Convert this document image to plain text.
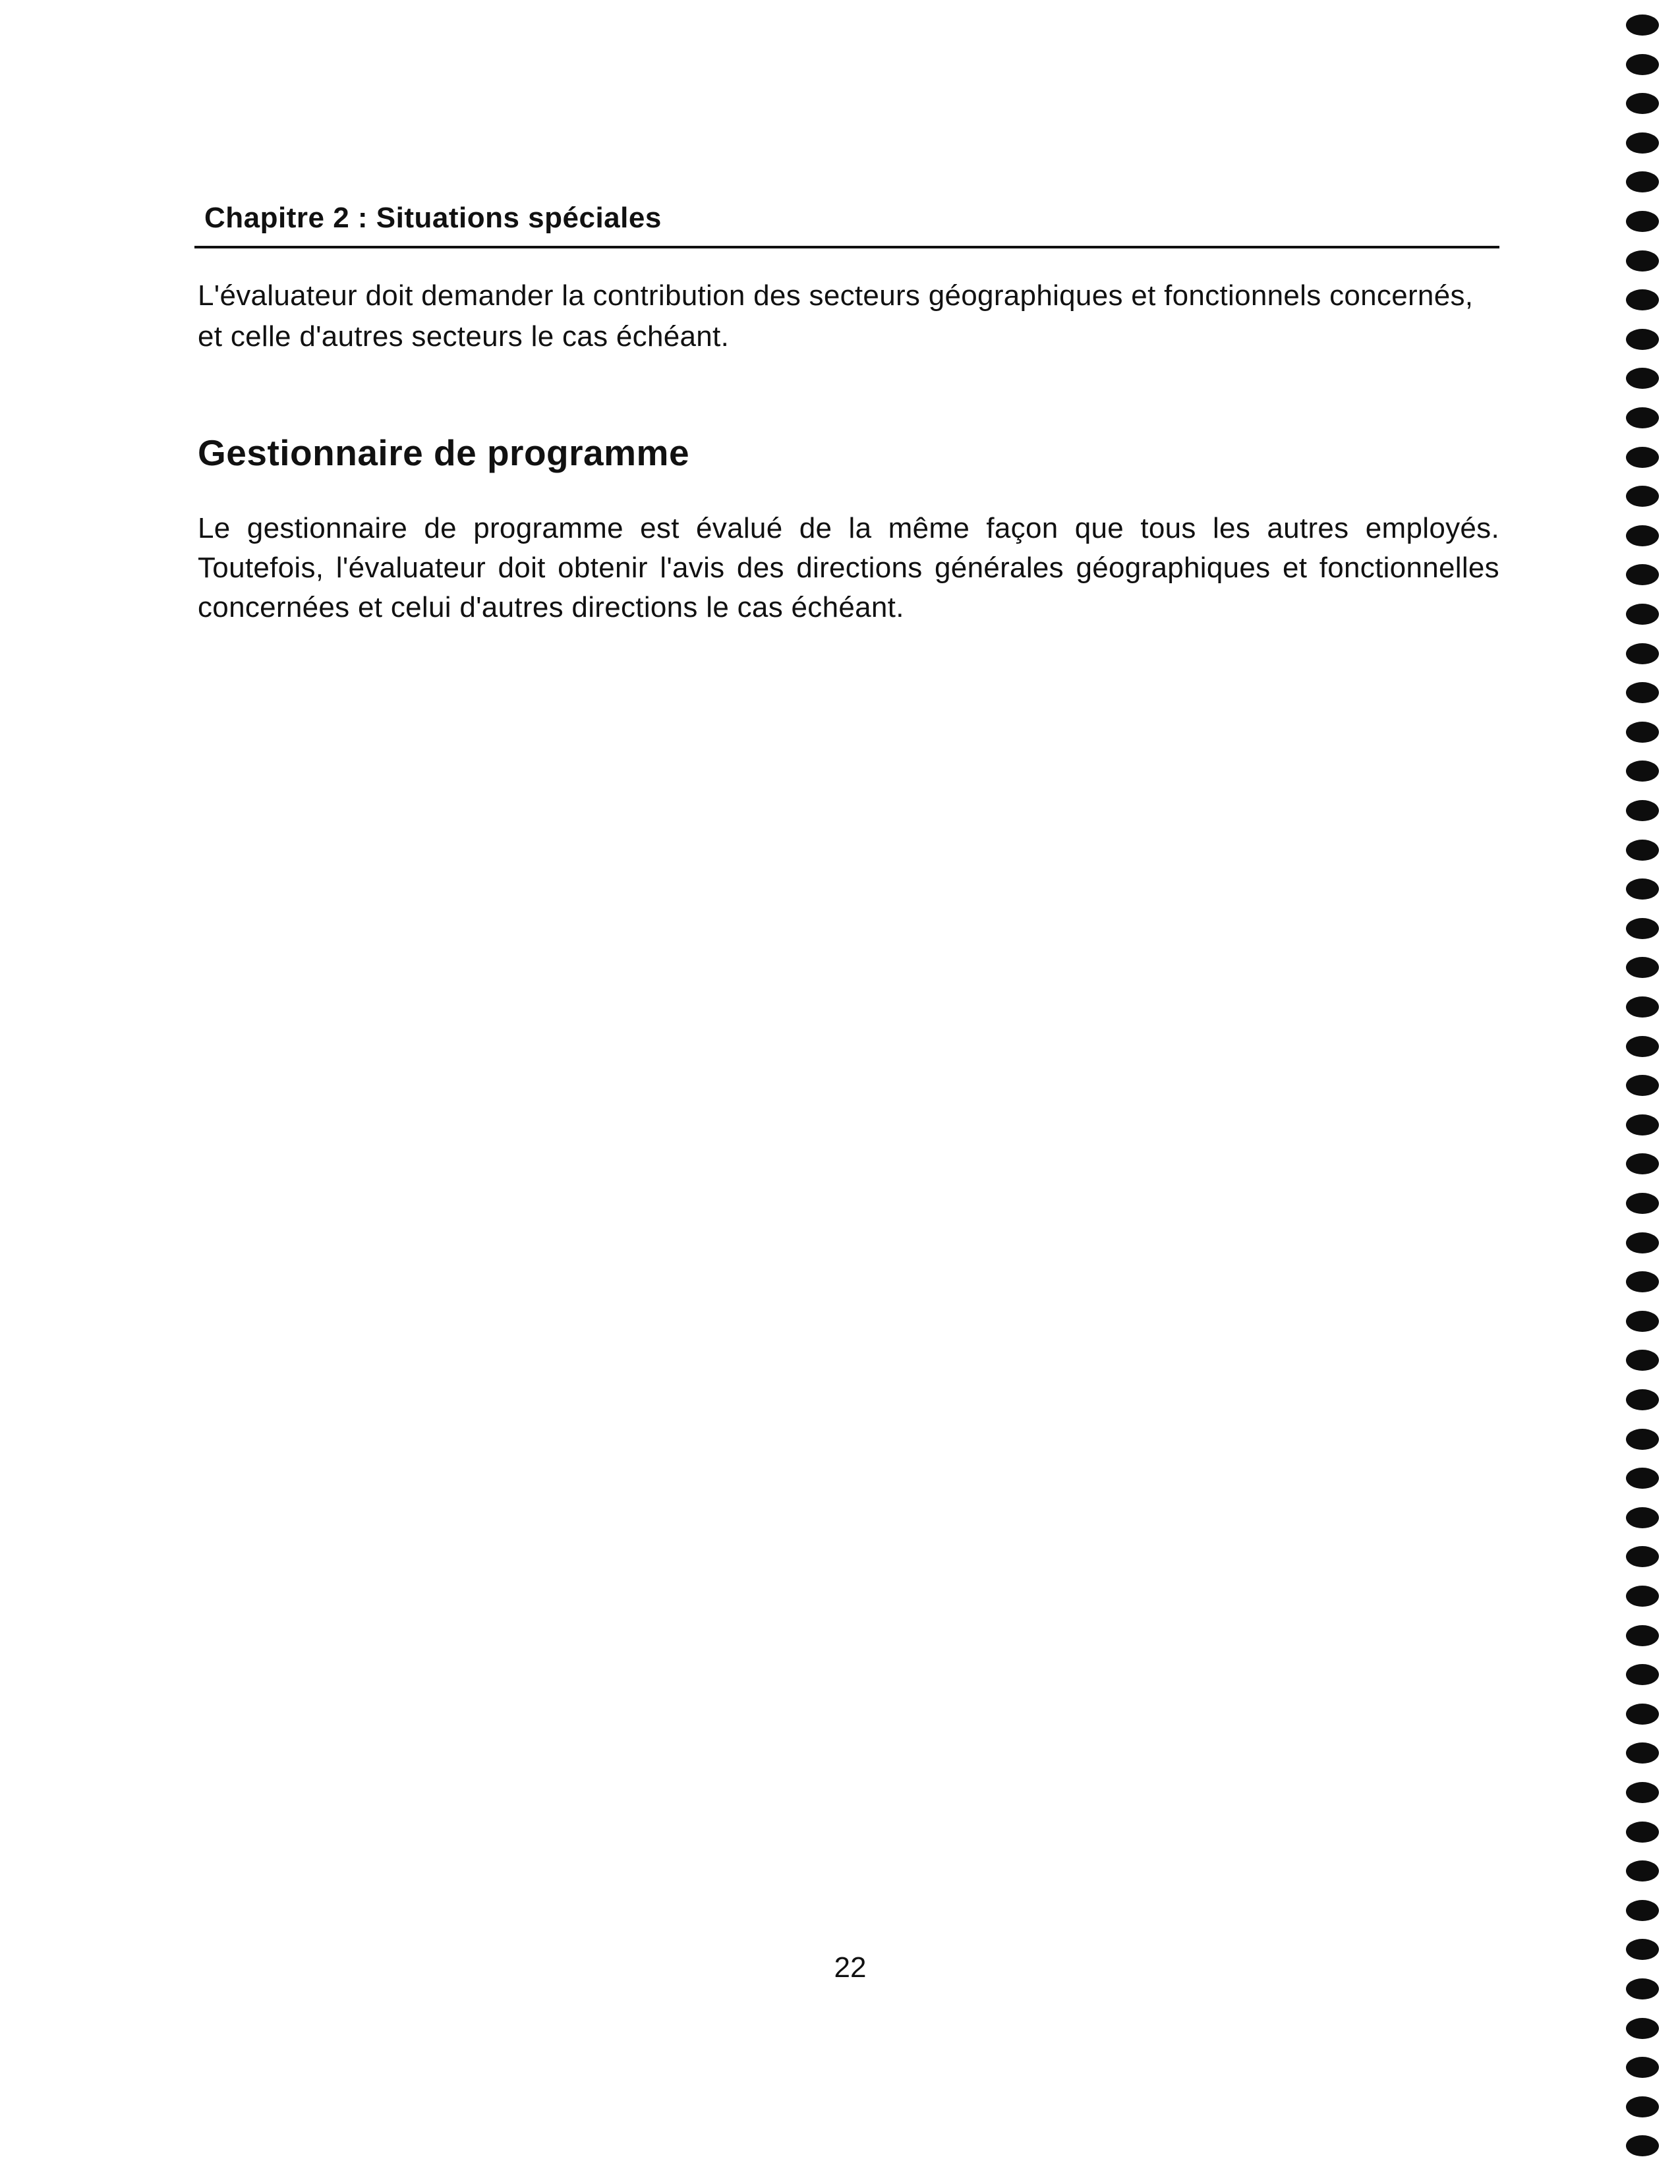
Chapitre 2 : Situations spéciales

L'évaluateur doit demander la contribution des secteurs géographiques et fonctionnels concernés, et celle d'autres secteurs le cas échéant.

Gestionnaire de programme

Le gestionnaire de programme est évalué de la même façon que tous les autres employés. Toutefois, l'évaluateur doit obtenir l'avis des directions générales géographiques et fonctionnelles concernées et celui d'autres directions le cas échéant.

22
